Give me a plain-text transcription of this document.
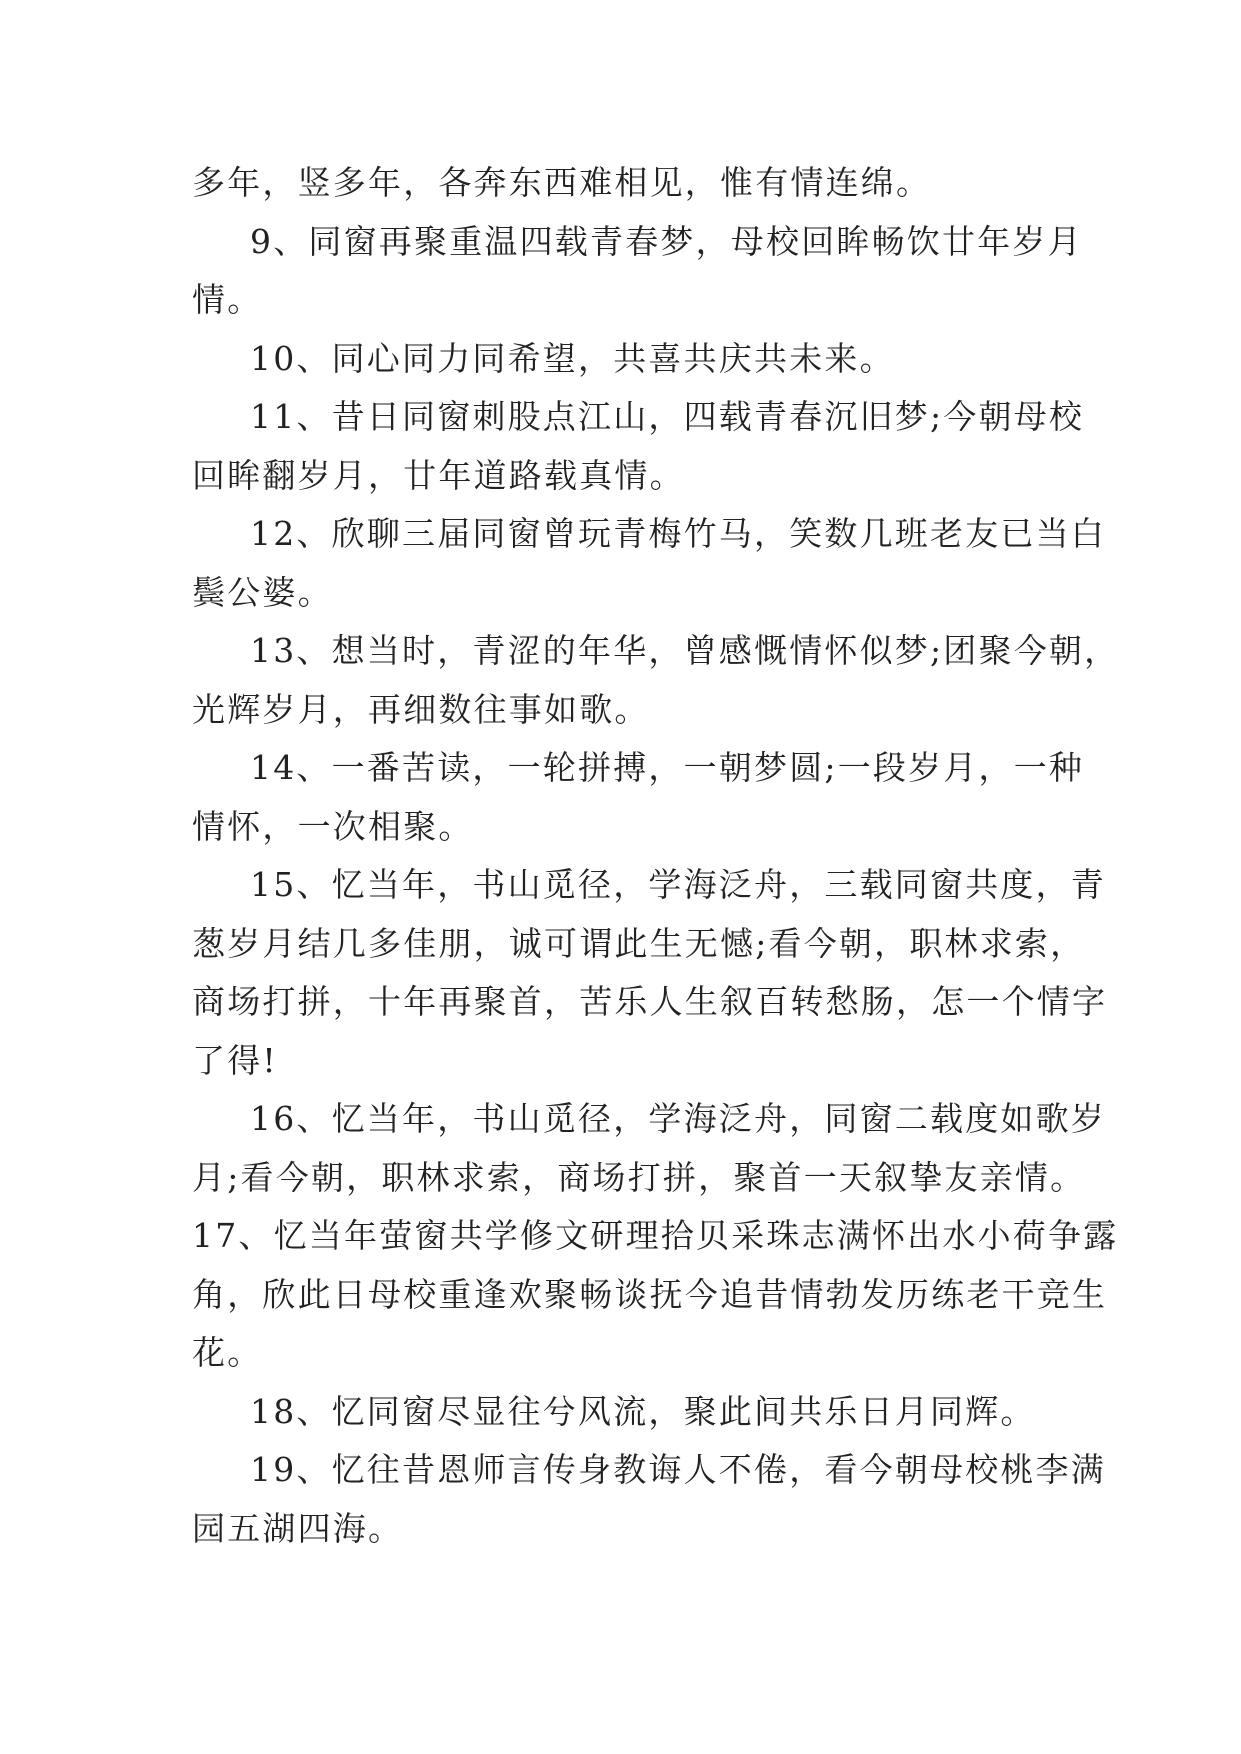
多年，竖多年，各奔东西难相见，惟有情连绵。

9、同窗再聚重温四载青春梦，母校回眸畅饮廿年岁月

情。

10、同心同力同希望，共喜共庆共未来。

11、昔日同窗刺股点江山，四载青春沉旧梦;今朝母校

回眸翻岁月，廿年道路载真情。

12、欣聊三届同窗曾玩青梅竹马，笑数几班老友已当白

鬓公婆。

13、想当时，青涩的年华，曾感慨情怀似梦;团聚今朝，

光辉岁月，再细数往事如歌。

14、一番苦读，一轮拼搏，一朝梦圆;一段岁月，一种

情怀，一次相聚。

15、忆当年，书山觅径，学海泛舟，三载同窗共度，青

葱岁月结几多佳朋，诚可谓此生无憾;看今朝，职林求索，

商场打拼，十年再聚首，苦乐人生叙百转愁肠，怎一个情字

了得!

16、忆当年，书山觅径，学海泛舟，同窗二载度如歌岁

月;看今朝，职林求索，商场打拼，聚首一天叙挚友亲情。

17、忆当年萤窗共学修文研理拾贝采珠志满怀出水小荷争露

角，欣此日母校重逢欢聚畅谈抚今追昔情勃发历练老干竞生

花。

18、忆同窗尽显往兮风流，聚此间共乐日月同辉。

19、忆往昔恩师言传身教诲人不倦，看今朝母校桃李满

园五湖四海。
